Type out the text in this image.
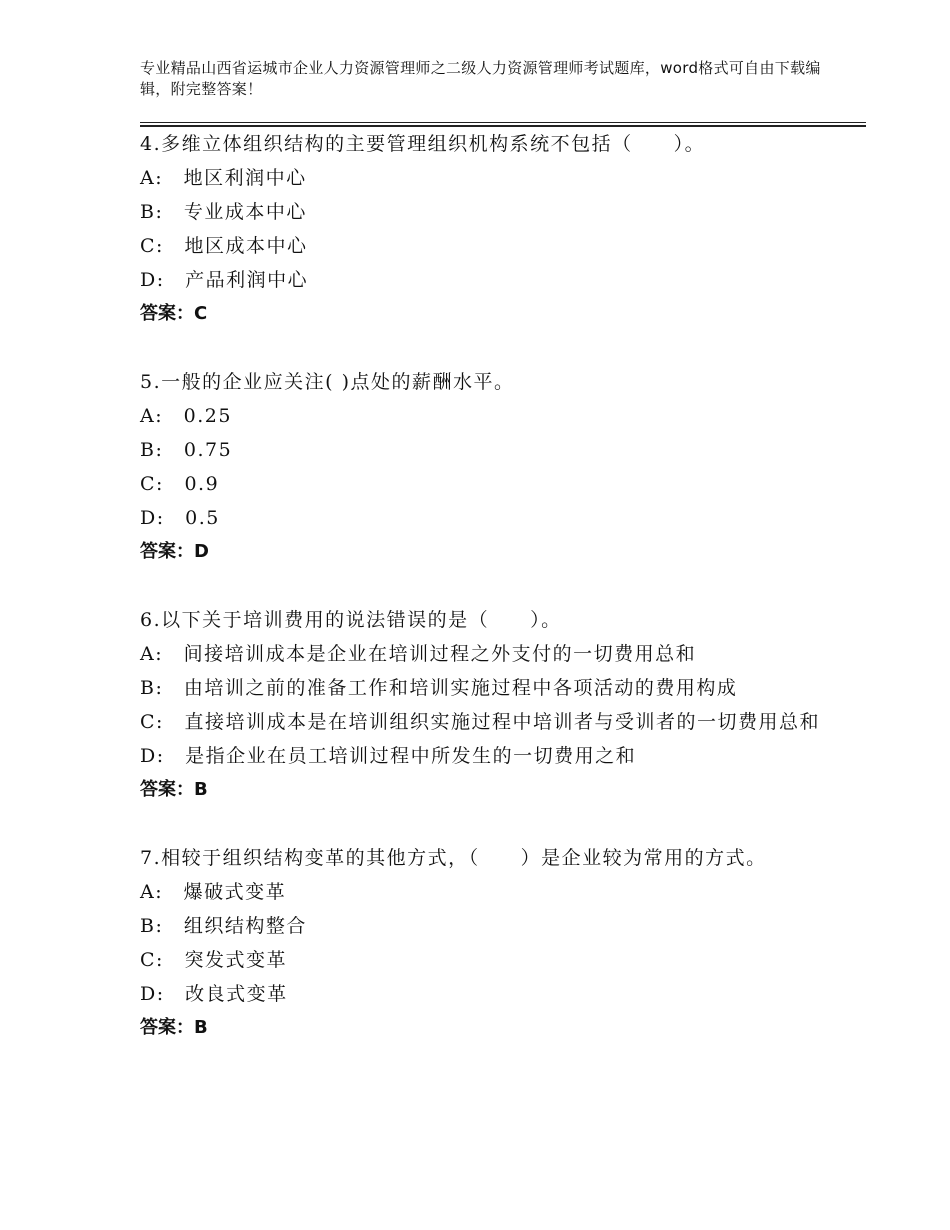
专业精品山西省运城市企业人力资源管理师之二级人力资源管理师考试题库，word格式可自由下载编辑，附完整答案！
4.多维立体组织结构的主要管理组织机构系统不包括（　　）。
A:　地区利润中心
B:　专业成本中心
C:　地区成本中心
D:　产品利润中心
答案：C
5.一般的企业应关注( )点处的薪酬水平。
A:　0.25
B:　0.75
C:　0.9
D:　0.5
答案：D
6.以下关于培训费用的说法错误的是（　　）。
A:　间接培训成本是企业在培训过程之外支付的一切费用总和
B:　由培训之前的准备工作和培训实施过程中各项活动的费用构成
C:　直接培训成本是在培训组织实施过程中培训者与受训者的一切费用总和
D:　是指企业在员工培训过程中所发生的一切费用之和
答案：B
7.相较于组织结构变革的其他方式，（　　）是企业较为常用的方式。
A:　爆破式变革
B:　组织结构整合
C:　突发式变革
D:　改良式变革
答案：B
